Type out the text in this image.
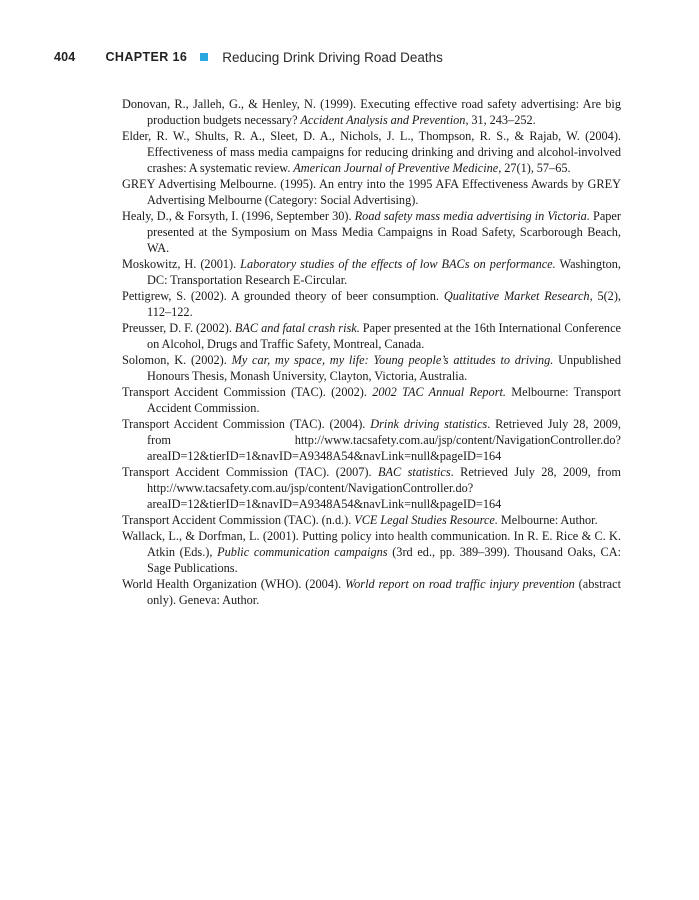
404 CHAPTER 16	Reducing Drink Driving Road Deaths

Donovan, R., Jalleh, G., & Henley, N. (1999). Executing effective road safety advertising: Are big production budgets necessary? Accident Analysis and Prevention, 31, 243–252.

Elder, R. W., Shults, R. A., Sleet, D. A., Nichols, J. L., Thompson, R. S., & Rajab, W. (2004). Effectiveness of mass media campaigns for reducing drinking and driving and alcohol-involved crashes: A systematic review. American Journal of Preventive Medicine, 27(1), 57–65.

GREY Advertising Melbourne. (1995). An entry into the 1995 AFA Effectiveness Awards by GREY Advertising Melbourne (Category: Social Advertising).

Healy, D., & Forsyth, I. (1996, September 30). Road safety mass media advertising in Victoria. Paper presented at the Symposium on Mass Media Campaigns in Road Safety, Scarborough Beach, WA.

Moskowitz, H. (2001). Laboratory studies of the effects of low BACs on performance. Washington, DC: Transportation Research E-Circular.

Pettigrew, S. (2002). A grounded theory of beer consumption. Qualitative Market Research, 5(2), 112–122.

Preusser, D. F. (2002). BAC and fatal crash risk. Paper presented at the 16th International Conference on Alcohol, Drugs and Traffic Safety, Montreal, Canada.

Solomon, K. (2002). My car, my space, my life: Young people’s attitudes to driving. Unpublished Honours Thesis, Monash University, Clayton, Victoria, Australia.

Transport Accident Commission (TAC). (2002). 2002 TAC Annual Report. Melbourne: Transport Accident Commission.

Transport Accident Commission (TAC). (2004). Drink driving statistics. Retrieved July 28, 2009, from http://www.tacsafety.com.au/jsp/content/NavigationController.do?areaID=12&tierID=1&navID=A9348A54&navLink=null&pageID=164

Transport Accident Commission (TAC). (2007). BAC statistics. Retrieved July 28, 2009, from http://www.tacsafety.com.au/jsp/content/NavigationController.do?areaID=12&tierID=1&navID=A9348A54&navLink=null&pageID=164

Transport Accident Commission (TAC). (n.d.). VCE Legal Studies Resource. Melbourne: Author.

Wallack, L., & Dorfman, L. (2001). Putting policy into health communication. In R. E. Rice & C. K. Atkin (Eds.), Public communication campaigns (3rd ed., pp. 389–399). Thousand Oaks, CA: Sage Publications.

World Health Organization (WHO). (2004). World report on road traffic injury prevention (abstract only). Geneva: Author.
